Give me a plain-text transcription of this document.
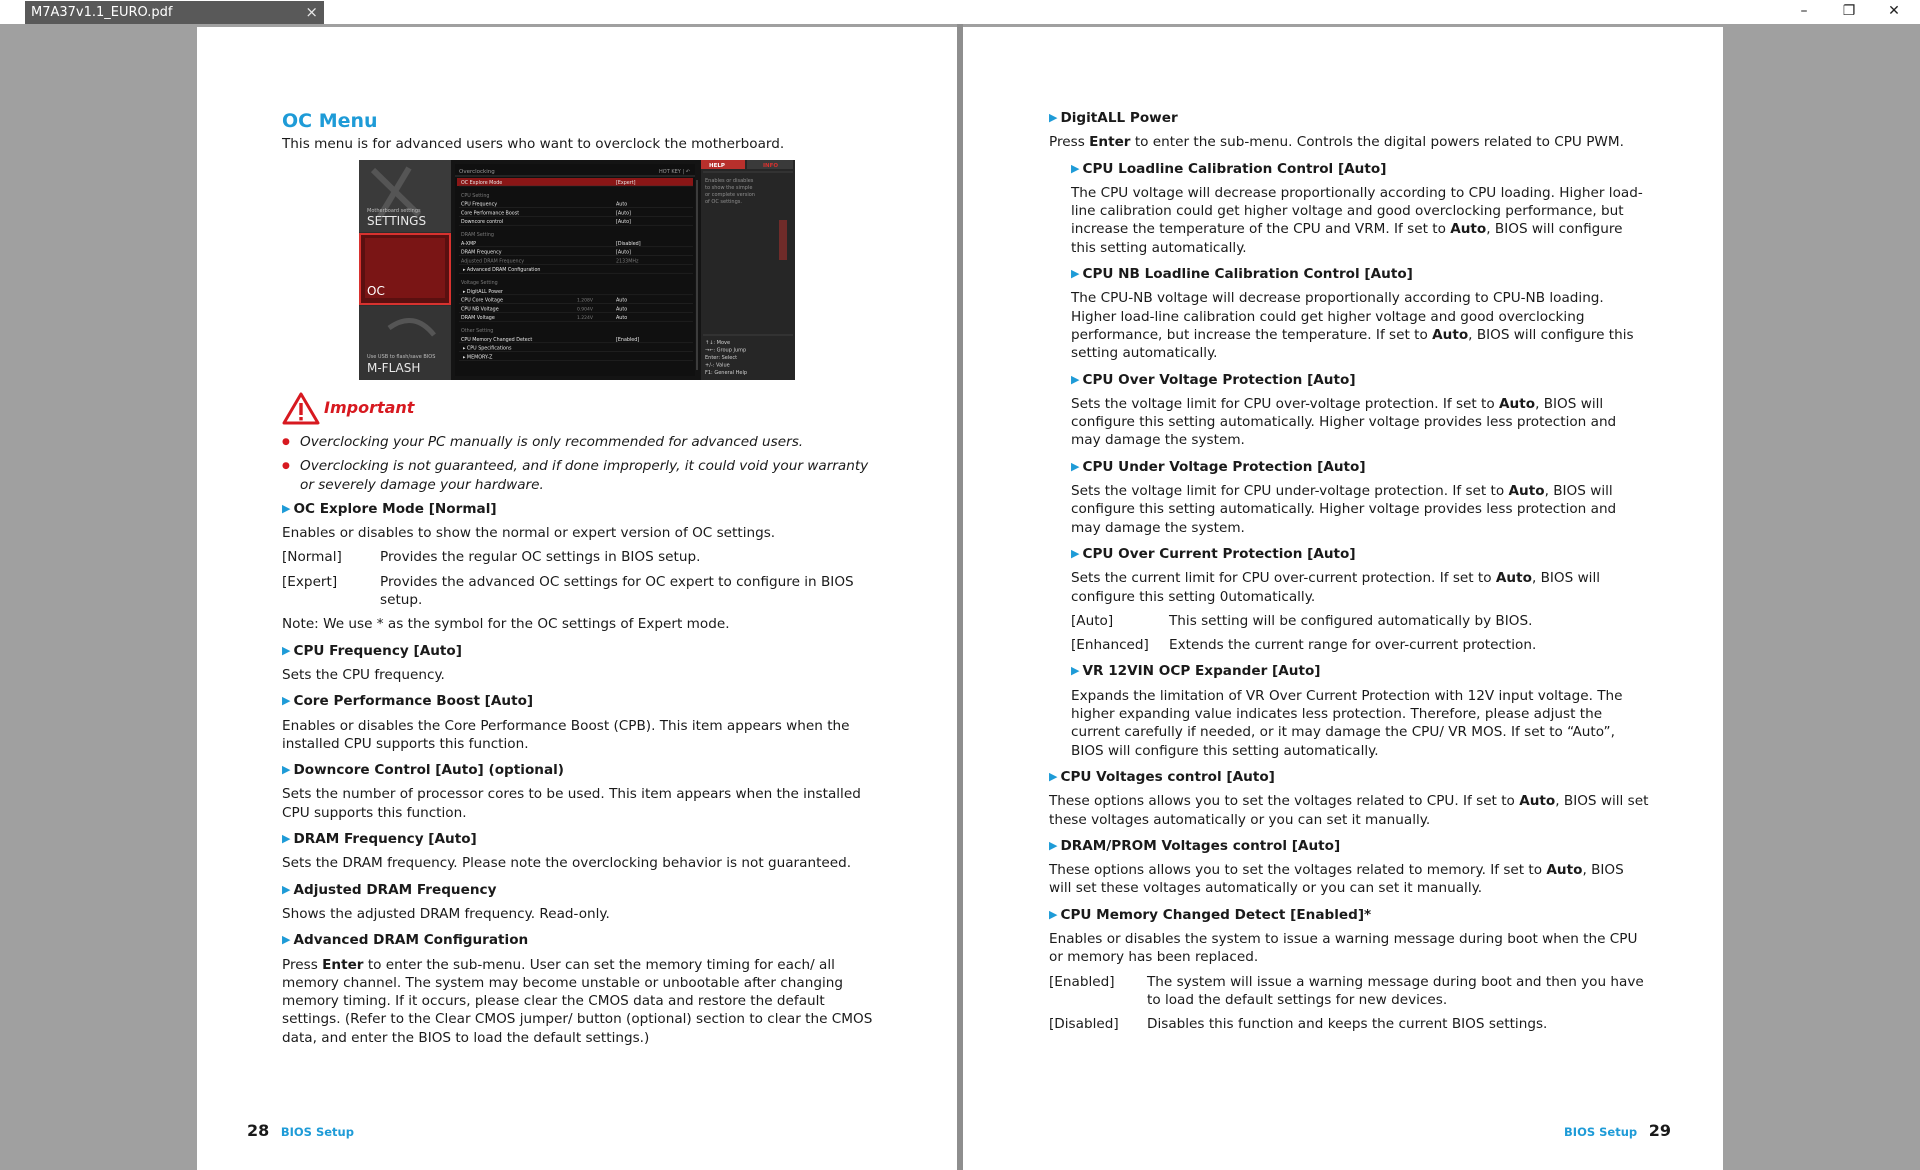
M7A37v1.1_EURO.pdf	×	–	❐	✕

OC Menu

This menu is for advanced users who want to overclock the motherboard.

Motherboard settings
SETTINGS
OC
Use USB to flash/save BIOS
M-FLASH
Overclocking	HOT KEY | ↶
OC Explore Mode	[Expert]
CPU Setting
CPU Frequency	Auto
Core Performance Boost	[Auto]
Downcore control	[Auto]
DRAM Setting
A-XMP	[Disabled]
DRAM Frequency	[Auto]
Adjusted DRAM Frequency	2133MHz
▸ Advanced DRAM Configuration
Voltage Setting
▸ DigitALL Power
CPU Core Voltage	1.208V	Auto
CPU NB Voltage	0.904V	Auto
DRAM Voltage	1.224V	Auto
Other Setting
CPU Memory Changed Detect	[Enabled]
▸ CPU Specifications
▸ MEMORY-Z
HELP	INFO
Enables or disables to show the simple or complete version of OC settings.
↑↓: Move
→←: Group Jump
Enter: Select
+/-: Value
F1: General Help
Important

● Overclocking your PC manually is only recommended for advanced users.

● Overclocking is not guaranteed, and if done improperly, it could void your warranty or severely damage your hardware.

▶ OC Explore Mode [Normal]

Enables or disables to show the normal or expert version of OC settings.

[Normal]	Provides the regular OC settings in BIOS setup.
[Expert]	Provides the advanced OC settings for OC expert to configure in BIOS setup.

Note: We use * as the symbol for the OC settings of Expert mode.

▶ CPU Frequency [Auto]

Sets the CPU frequency.

▶ Core Performance Boost [Auto]

Enables or disables the Core Performance Boost (CPB). This item appears when the installed CPU supports this function.

▶ Downcore Control [Auto] (optional)

Sets the number of processor cores to be used. This item appears when the installed CPU supports this function.

▶ DRAM Frequency [Auto]

Sets the DRAM frequency. Please note the overclocking behavior is not guaranteed.

▶ Adjusted DRAM Frequency

Shows the adjusted DRAM frequency. Read-only.

▶ Advanced DRAM Configuration

Press Enter to enter the sub-menu. User can set the memory timing for each/ all memory channel. The system may become unstable or unbootable after changing memory timing. If it occurs, please clear the CMOS data and restore the default settings. (Refer to the Clear CMOS jumper/ button (optional) section to clear the CMOS data, and enter the BIOS to load the default settings.)

28 BIOS Setup

▶ DigitALL Power

Press Enter to enter the sub-menu. Controls the digital powers related to CPU PWM.

▶ CPU Loadline Calibration Control [Auto]

The CPU voltage will decrease proportionally according to CPU loading. Higher load-line calibration could get higher voltage and good overclocking performance, but increase the temperature of the CPU and VRM. If set to Auto, BIOS will configure this setting automatically.

▶ CPU NB Loadline Calibration Control [Auto]

The CPU-NB voltage will decrease proportionally according to CPU-NB loading. Higher load-line calibration could get higher voltage and good overclocking performance, but increase the temperature. If set to Auto, BIOS will configure this setting automatically.

▶ CPU Over Voltage Protection [Auto]

Sets the voltage limit for CPU over-voltage protection. If set to Auto, BIOS will configure this setting automatically. Higher voltage provides less protection and may damage the system.

▶ CPU Under Voltage Protection [Auto]

Sets the voltage limit for CPU under-voltage protection. If set to Auto, BIOS will configure this setting automatically. Higher voltage provides less protection and may damage the system.

▶ CPU Over Current Protection [Auto]

Sets the current limit for CPU over-current protection. If set to Auto, BIOS will configure this setting 0utomatically.

[Auto]	This setting will be configured automatically by BIOS.
[Enhanced]	Extends the current range for over-current protection.

▶ VR 12VIN OCP Expander [Auto]

Expands the limitation of VR Over Current Protection with 12V input voltage. The higher expanding value indicates less protection. Therefore, please adjust the current carefully if needed, or it may damage the CPU/ VR MOS. If set to “Auto”, BIOS will configure this setting automatically.

▶ CPU Voltages control [Auto]

These options allows you to set the voltages related to CPU. If set to Auto, BIOS will set these voltages automatically or you can set it manually.

▶ DRAM/PROM Voltages control [Auto]

These options allows you to set the voltages related to memory. If set to Auto, BIOS will set these voltages automatically or you can set it manually.

▶ CPU Memory Changed Detect [Enabled]*

Enables or disables the system to issue a warning message during boot when the CPU or memory has been replaced.

[Enabled]	The system will issue a warning message during boot and then you have to load the default settings for new devices.
[Disabled]	Disables this function and keeps the current BIOS settings.
BIOS Setup 29
